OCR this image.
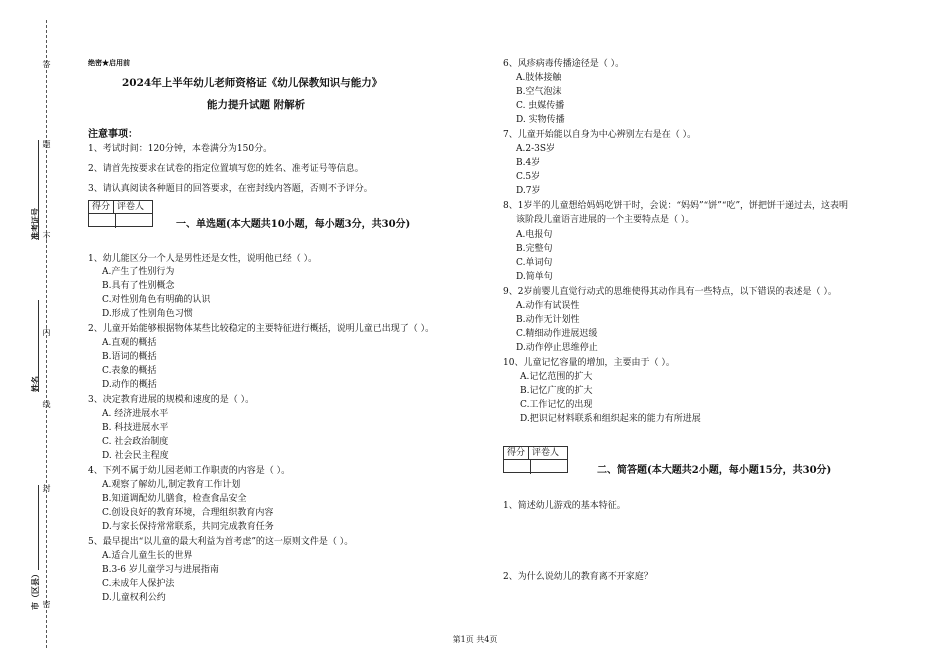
答
题
不
内
线
封
密
准考证号
姓名
市（区县）
绝密★启用前
2024年上半年幼儿老师资格证《幼儿保教知识与能力》
能力提升试题 附解析
注意事项：
1、考试时间：120分钟，本卷满分为150分。
2、请首先按要求在试卷的指定位置填写您的姓名、准考证号等信息。
3、请认真阅读各种题目的回答要求，在密封线内答题，否则不予评分。
得分 评卷人
一、单选题(本大题共10小题，每小题3分，共30分)
1、幼儿能区分一个人是男性还是女性，说明他已经（ ）。
A.产生了性别行为
B.具有了性别概念
C.对性别角色有明确的认识
D.形成了性别角色习惯
2、儿童开始能够根据物体某些比较稳定的主要特征进行概括，说明儿童已出现了（ ）。
A.直观的概括
B.语词的概括
C.表象的概括
D.动作的概括
3、决定教育进展的规模和速度的是（ ）。
A. 经济进展水平
B. 科技进展水平
C. 社会政治制度
D. 社会民主程度
4、下列不属于幼儿园老师工作职责的内容是（ ）。
A.观察了解幼儿,制定教育工作计划
B.知道调配幼儿膳食，检查食品安全
C.创设良好的教育环境，合理组织教育内容
D.与家长保持常常联系，共同完成教育任务
5、最早提出“以儿童的最大利益为首考虑”的这一原则文件是（ ）。
A.适合儿童生长的世界
B.3-6 岁儿童学习与进展指南
C.未成年人保护法
D.儿童权利公约
6、风疹病毒传播途径是（ ）。
A.肢体接触
B.空气泡沫
C. 虫媒传播
D. 实物传播
7、儿童开始能以自身为中心辨别左右是在（ ）。
A.2-3S岁
B.4岁
C.5岁
D.7岁
8、1岁半的儿童想给妈妈吃饼干时，会说：“妈妈”“饼”“吃”，饼把饼干递过去，这表明
该阶段儿童语言进展的一个主要特点是（ ）。
A.电报句
B.完整句
C.单词句
D.简单句
9、2岁前婴儿直觉行动式的思维使得其动作具有一些特点，以下错误的表述是（ ）。
A.动作有试误性
B.动作无计划性
C.精细动作进展迟缓
D.动作停止思维停止
10、儿童记忆容量的增加，主要由于（ ）。
A.记忆范围的扩大
B.记忆广度的扩大
C.工作记忆的出现
D.把识记材料联系和组织起来的能力有所进展
得分 评卷人
二、简答题(本大题共2小题，每小题15分，共30分)
1、简述幼儿游戏的基本特征。
2、为什么说幼儿的教育离不开家庭？
第1页 共4页
